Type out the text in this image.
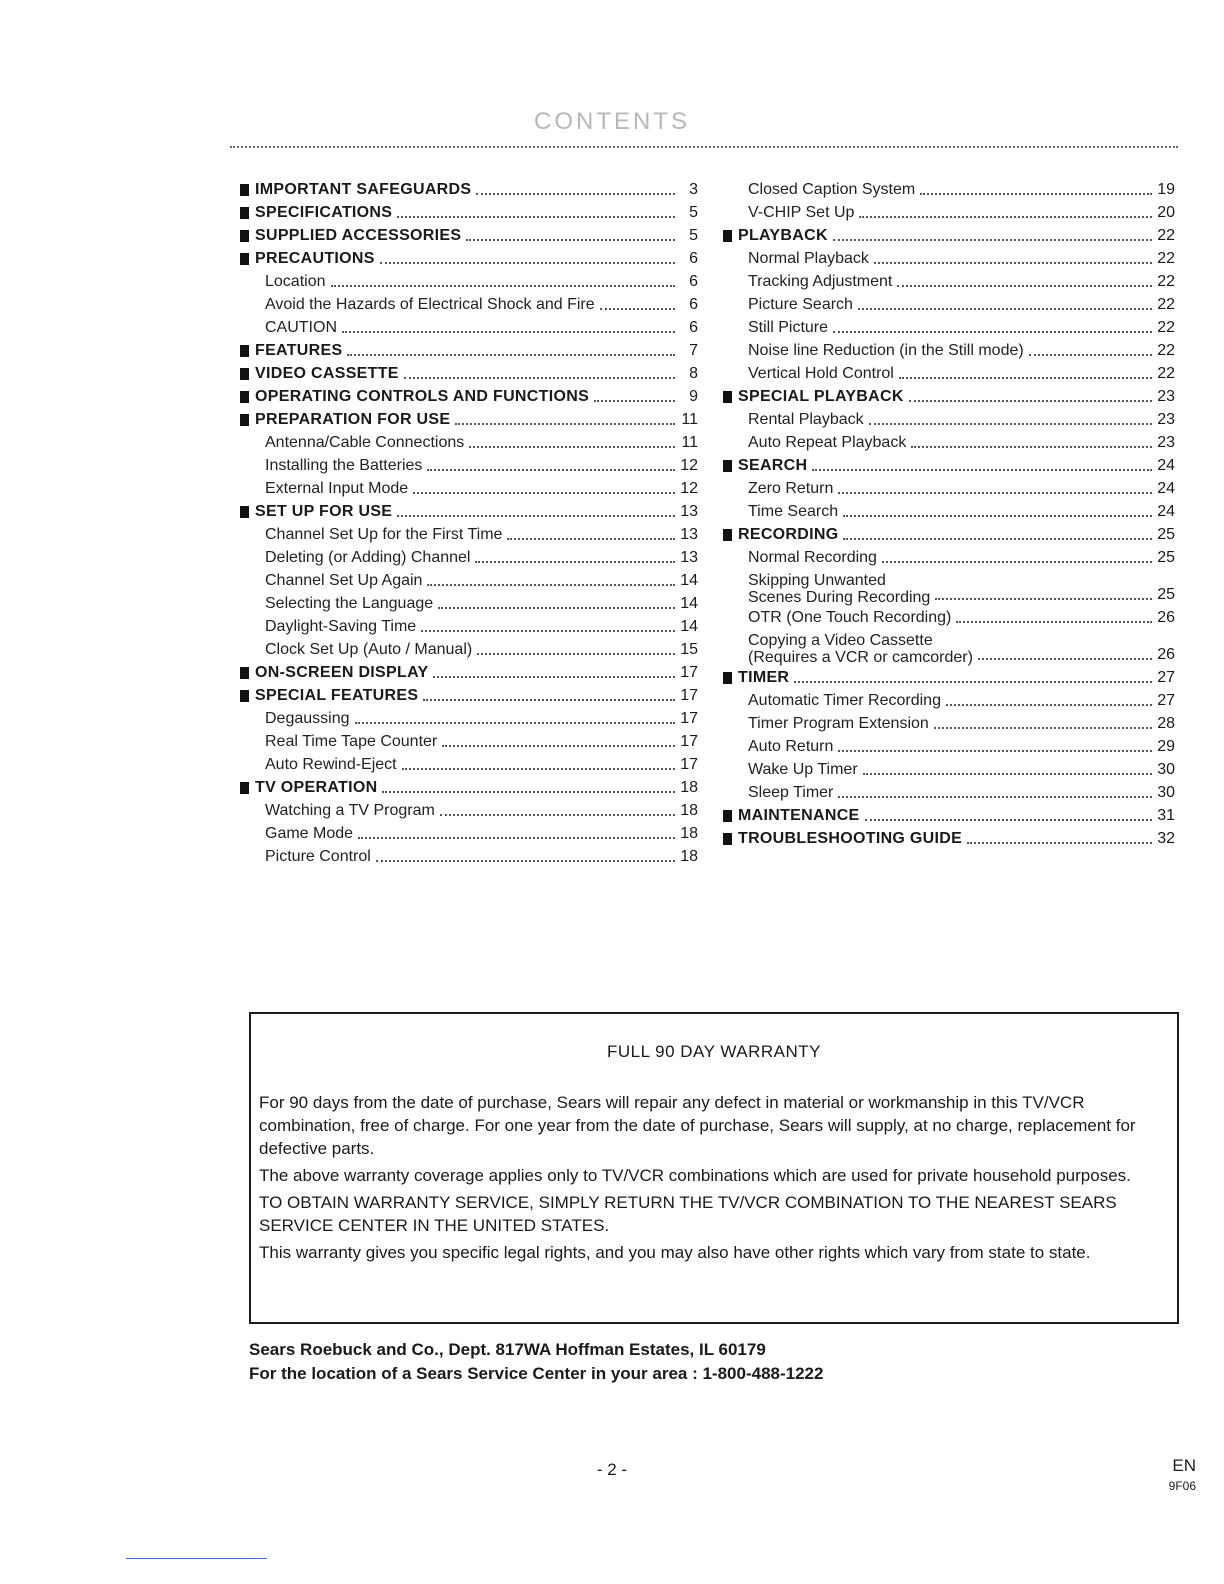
CONTENTS
IMPORTANT SAFEGUARDS	3
SPECIFICATIONS	5
SUPPLIED ACCESSORIES	5
PRECAUTIONS	6
Location	6
Avoid the Hazards of Electrical Shock and Fire	6
CAUTION	6
FEATURES	7
VIDEO CASSETTE	8
OPERATING CONTROLS AND FUNCTIONS	9
PREPARATION FOR USE	11
Antenna/Cable Connections	11
Installing the Batteries	12
External Input Mode	12
SET UP FOR USE	13
Channel Set Up for the First Time	13
Deleting (or Adding) Channel	13
Channel Set Up Again	14
Selecting the Language	14
Daylight-Saving Time	14
Clock Set Up (Auto / Manual)	15
ON-SCREEN DISPLAY	17
SPECIAL FEATURES	17
Degaussing	17
Real Time Tape Counter	17
Auto Rewind-Eject	17
TV OPERATION	18
Watching a TV Program	18
Game Mode	18
Picture Control	18
Closed Caption System	19
V-CHIP Set Up	20
PLAYBACK	22
Normal Playback	22
Tracking Adjustment	22
Picture Search	22
Still Picture	22
Noise line Reduction (in the Still mode)	22
Vertical Hold Control	22
SPECIAL PLAYBACK	23
Rental Playback	23
Auto Repeat Playback	23
SEARCH	24
Zero Return	24
Time Search	24
RECORDING	25
Normal Recording	25
Skipping Unwanted
Scenes During Recording	25
OTR (One Touch Recording)	26
Copying a Video Cassette
(Requires a VCR or camcorder)	26
TIMER	27
Automatic Timer Recording	27
Timer Program Extension	28
Auto Return	29
Wake Up Timer	30
Sleep Timer	30
MAINTENANCE	31
TROUBLESHOOTING GUIDE	32
FULL 90 DAY WARRANTY

For 90 days from the date of purchase, Sears will repair any defect in material or workmanship in this TV/VCR combination, free of charge. For one year from the date of purchase, Sears will supply, at no charge, replacement for defective parts.

The above warranty coverage applies only to TV/VCR combinations which are used for private household purposes.

TO OBTAIN WARRANTY SERVICE, SIMPLY RETURN THE TV/VCR COMBINATION TO THE NEAREST SEARS SERVICE CENTER IN THE UNITED STATES.

This warranty gives you specific legal rights, and you may also have other rights which vary from state to state.

Sears Roebuck and Co., Dept. 817WA Hoffman Estates, IL 60179
For the location of a Sears Service Center in your area : 1-800-488-1222
- 2 -	EN
9F06
